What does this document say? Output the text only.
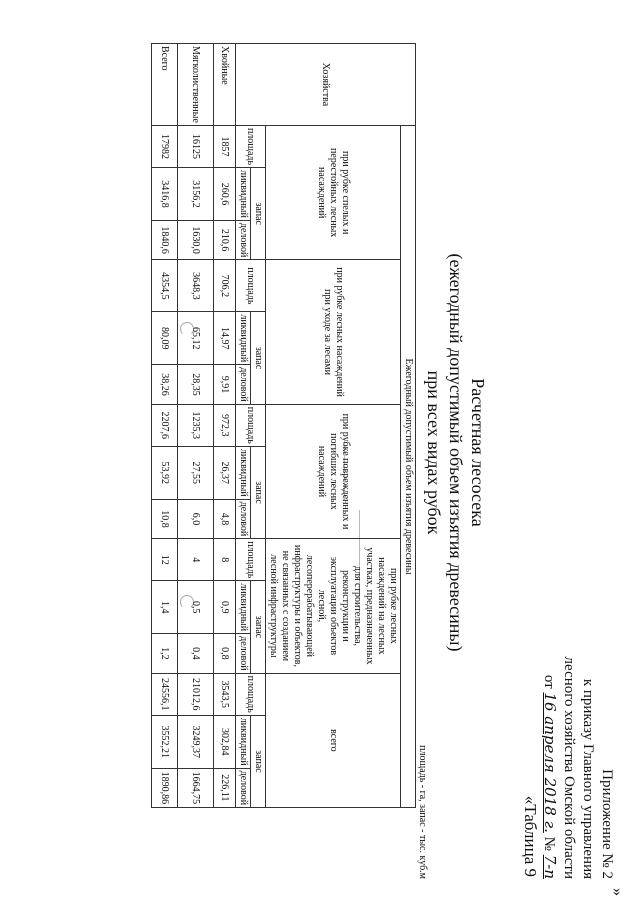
Приложение № 2
к приказу Главного управления
лесного хозяйства Омской области
от 16 апреля 2018 г. № 7-п
«Таблица 9
Расчетная лесосека
(ежегодный допустимый объем изъятия древесины)
при всех видах рубок
площадь - га, запас - тыс. куб.м
Хозяйства	Ежегодный допустимый объем изъятия древесины														
	при рубке спелых и перестойных лесных насаждений			при рубке лесных насаждений при уходе за лесами			при рубке поврежденных и погибших лесных насаждений			при рубке лесных насаждений на лесных участках, предназначенных для строительства, реконструкции и эксплуатации объектов лесной, лесоперерабатывающей инфраструктуры и объектов, не связанных с созданием лесной инфраструктуры			всего		
	площадь	запас		площадь	запас		площадь	запас		площадь	запас		площадь	запас	
		ликвидный	деловой		ликвидный	деловой		ликвидный	деловой		ликвидный	деловой		ликвидный	деловой
Хвойные	1857	260,6	210,6	706,2	14,97	9,91	972,3	26,37	4,8	8	0,9	0,8	3543,5	302,84	226,11
Мягколиственные	16125	3156,2	1630,0	3648,3	65,12	28,35	1235,3	27,55	6,0	4	0,5	0,4	21012,6	3249,37	1664,75
Всего	17982	3416,8	1840,6	4354,5	80,09	38,26	2207,6	53,92	10,8	12	1,4	1,2	24556,1	3552,21	1890,86
»
